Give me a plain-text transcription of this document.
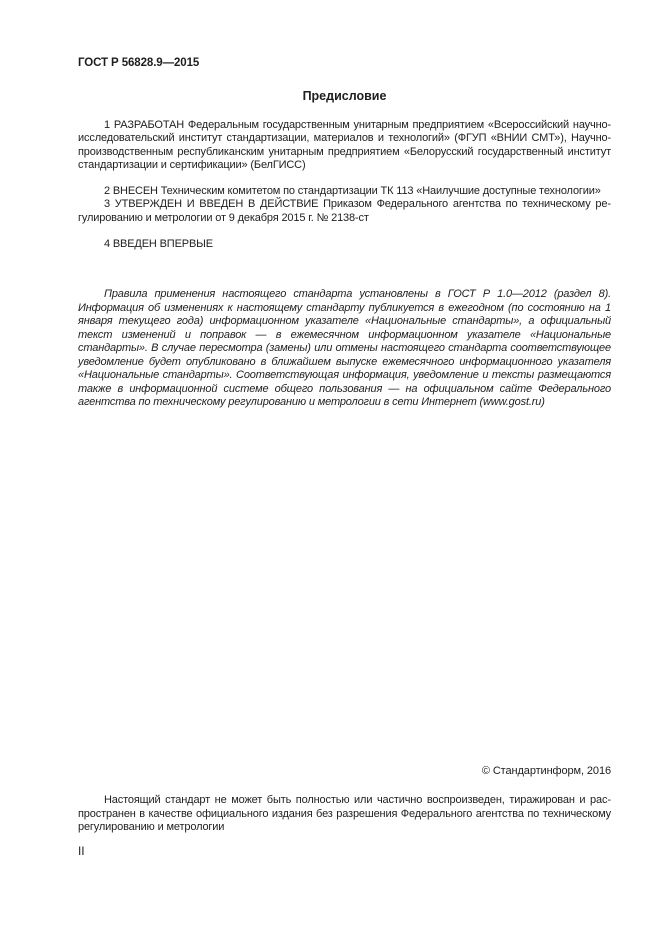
ГОСТ Р 56828.9—2015
Предисловие

1 РАЗРАБОТАН Федеральным государственным унитарным предприятием «Всероссийский научно-исследовательский институт стандартизации, материалов и технологий» (ФГУП «ВНИИ СМТ»), Научно-производственным республиканским унитарным предприятием «Белорусский государственный институт стандартизации и сертификации» (БелГИСС)

2 ВНЕСЕН Техническим комитетом по стандартизации ТК 113 «Наилучшие доступные технологии»

3 УТВЕРЖДЕН И ВВЕДЕН В ДЕЙСТВИЕ Приказом Федерального агентства по техническому регулированию и метрологии от 9 декабря 2015 г. № 2138-ст

4 ВВЕДЕН ВПЕРВЫЕ

Правила применения настоящего стандарта установлены в ГОСТ Р 1.0—2012 (раздел 8). Информация об изменениях к настоящему стандарту публикуется в ежегодном (по состоянию на 1 января текущего года) информационном указателе «Национальные стандарты», а официальный текст изменений и поправок — в ежемесячном информационном указателе «Национальные стандарты». В случае пересмотра (замены) или отмены настоящего стандарта соответствующее уведомление будет опубликовано в ближайшем выпуске ежемесячного информационного указателя «Национальные стандарты». Соответствующая информация, уведомление и тексты размещаются также в информационной системе общего пользования — на официальном сайте Федерального агентства по техническому регулированию и метрологии в сети Интернет (www.gost.ru)

© Стандартинформ, 2016

Настоящий стандарт не может быть полностью или частично воспроизведен, тиражирован и распространен в качестве официального издания без разрешения Федерального агентства по техническому регулированию и метрологии

II
